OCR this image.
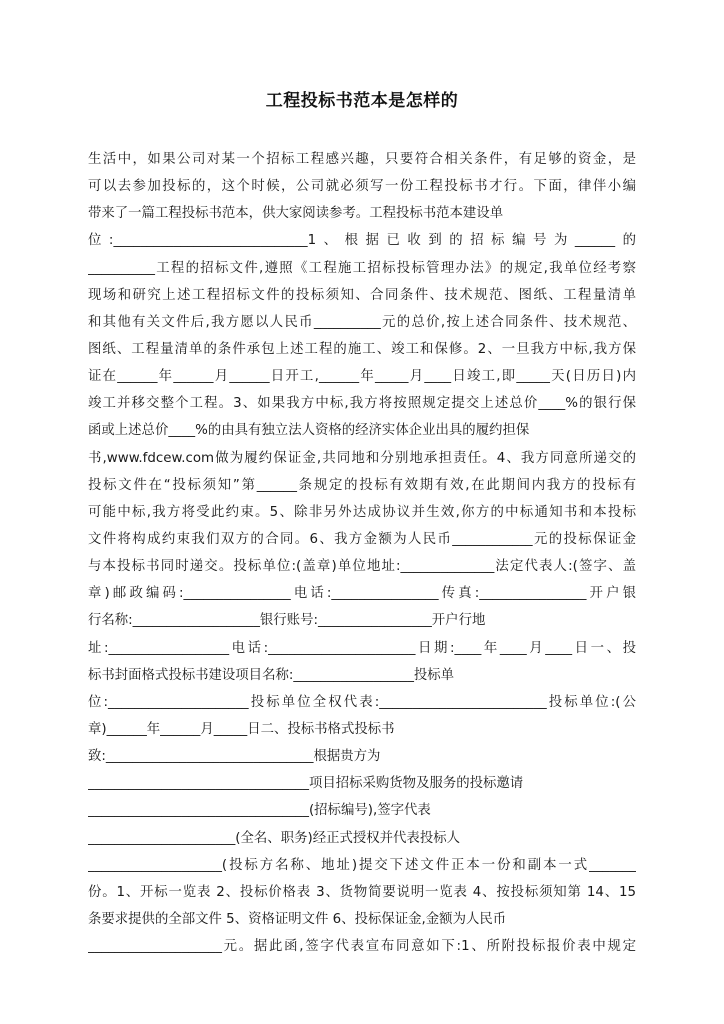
工程投标书范本是怎样的
生活中，如果公司对某一个招标工程感兴趣，只要符合相关条件，有足够的资金，是
可以去参加投标的，这个时候，公司就必须写一份工程投标书才行。下面，律伴小编
带来了一篇工程投标书范本，供大家阅读参考。工程投标书范本建设单
位:_____________________________1、根据已收到的招标编号为______的
__________工程的招标文件,遵照《工程施工招标投标管理办法》的规定,我单位经考察
现场和研究上述工程招标文件的投标须知、合同条件、技术规范、图纸、工程量清单
和其他有关文件后,我方愿以人民币__________元的总价,按上述合同条件、技术规范、
图纸、工程量清单的条件承包上述工程的施工、竣工和保修。2、一旦我方中标,我方保
证在______年______月______日开工,______年_____月____日竣工,即_____天(日历日)内
竣工并移交整个工程。3、如果我方中标,我方将按照规定提交上述总价____%的银行保
函或上述总价____%的由具有独立法人资格的经济实体企业出具的履约担保
书,www.fdcew.com做为履约保证金,共同地和分别地承担责任。4、我方同意所递交的
投标文件在“投标须知”第______条规定的投标有效期有效,在此期间内我方的投标有
可能中标,我方将受此约束。5、除非另外达成协议并生效,你方的中标通知书和本投标
文件将构成约束我们双方的合同。6、我方金额为人民币____________元的投标保证金
与本投标书同时递交。投标单位:(盖章)单位地址:______________法定代表人:(签字、盖
章)邮政编码:________________电话:________________传真:________________开户银
行名称:___________________银行账号:_________________开户行地
址:__________________电话:______________________日期:____年____月____日一、投
标书封面格式投标书建设项目名称:__________________投标单
位:_____________________投标单位全权代表:_________________________投标单位:(公
章)______年______月_____日二、投标书格式投标书
致:_______________________________根据贵方为
_________________________________项目招标采购货物及服务的投标邀请
_________________________________(招标编号),签字代表
______________________(全名、职务)经正式授权并代表投标人
____________________(投标方名称、地址)提交下述文件正本一份和副本一式_______
份。1、开标一览表 2、投标价格表 3、货物简要说明一览表 4、按投标须知第 14、15
条要求提供的全部文件 5、资格证明文件 6、投标保证金,金额为人民币
____________________元。据此函,签字代表宣布同意如下:1、所附投标报价表中规定
